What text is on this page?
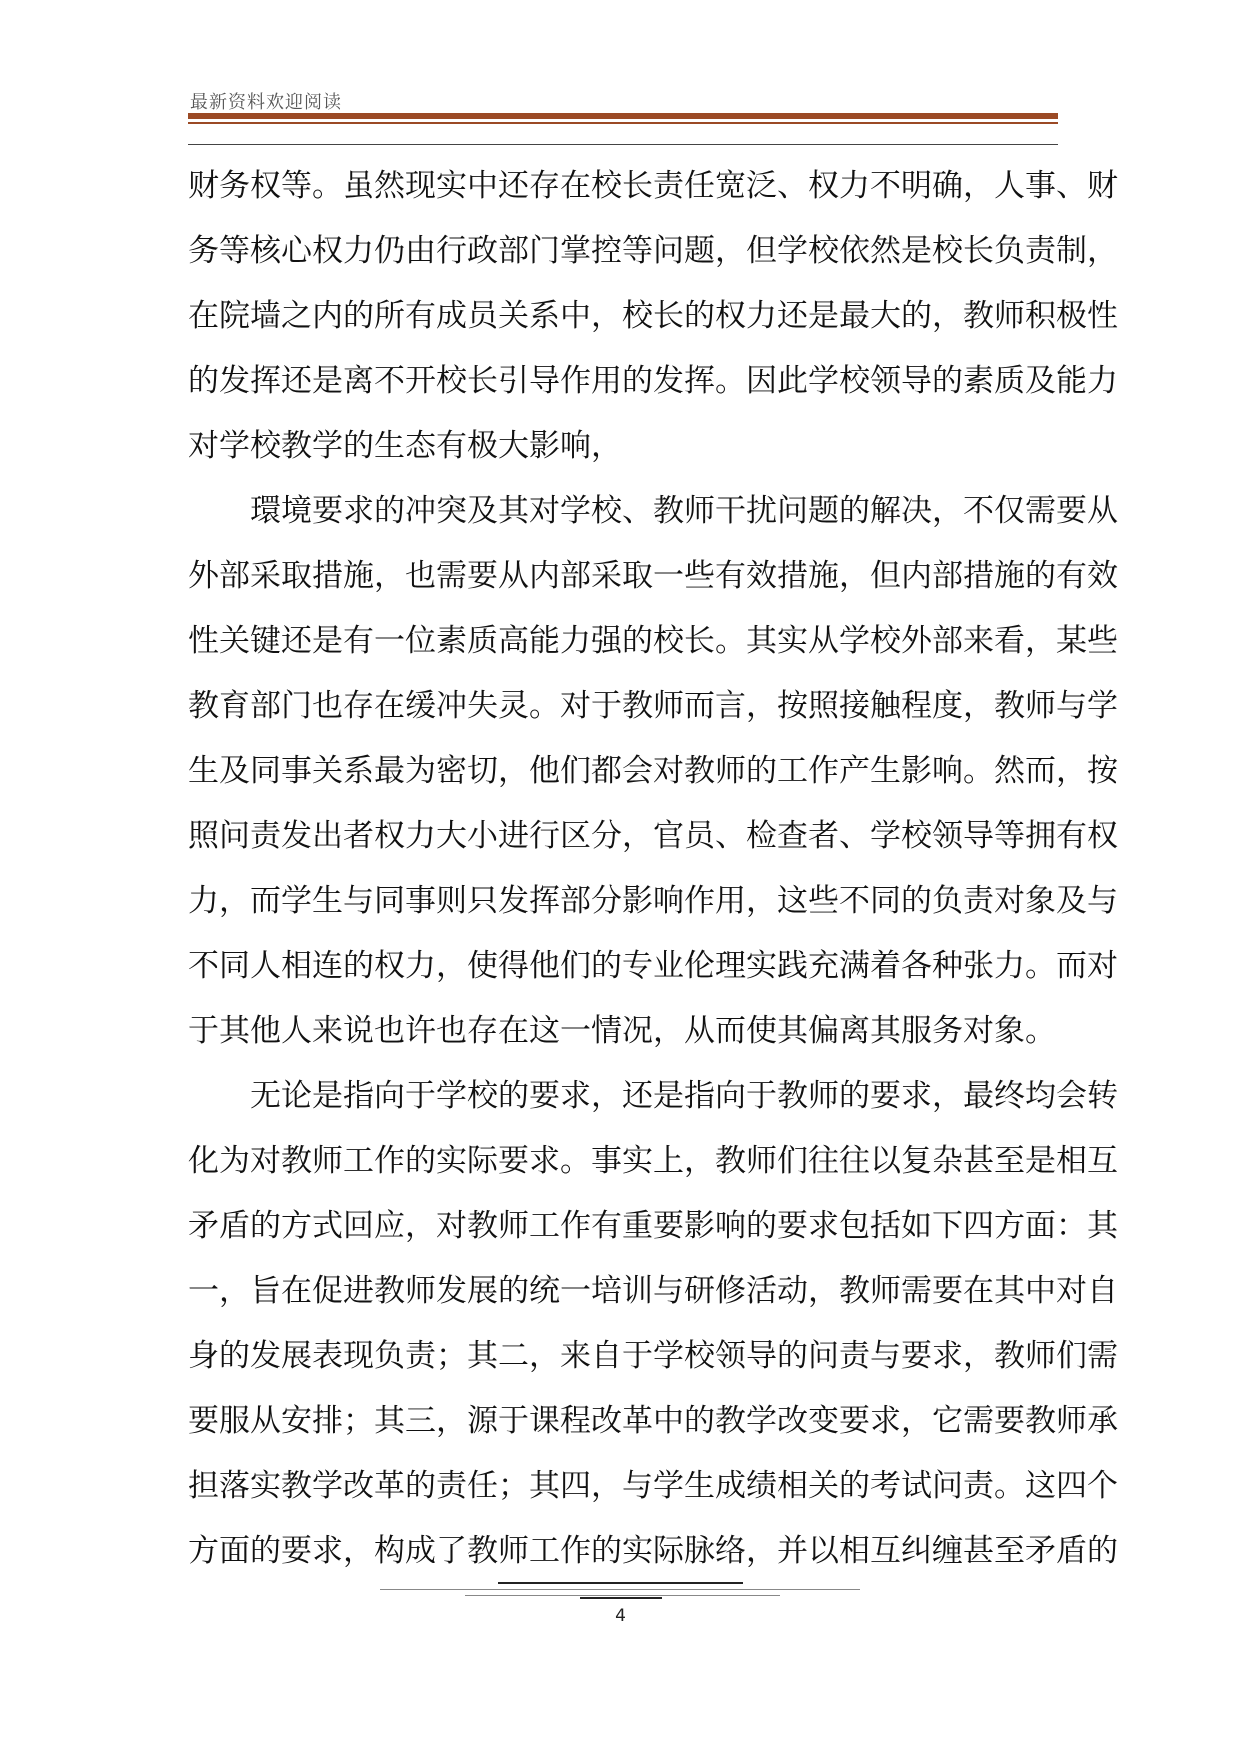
最新资料欢迎阅读

财务权等。虽然现实中还存在校长责任宽泛、权力不明确，人事、财
务等核心权力仍由行政部门掌控等问题，但学校依然是校长负责制，
在院墙之内的所有成员关系中，校长的权力还是最大的，教师积极性
的发挥还是离不开校长引导作用的发挥。因此学校领导的素质及能力
对学校教学的生态有极大影响，

環境要求的冲突及其对学校、教师干扰问题的解决，不仅需要从
外部采取措施，也需要从内部采取一些有效措施，但内部措施的有效
性关键还是有一位素质高能力强的校长。其实从学校外部来看，某些
教育部门也存在缓冲失灵。对于教师而言，按照接触程度，教师与学
生及同事关系最为密切，他们都会对教师的工作产生影响。然而，按
照问责发出者权力大小进行区分，官员、检查者、学校领导等拥有权
力，而学生与同事则只发挥部分影响作用，这些不同的负责对象及与
不同人相连的权力，使得他们的专业伦理实践充满着各种张力。而对
于其他人来说也许也存在这一情况，从而使其偏离其服务对象。

无论是指向于学校的要求，还是指向于教师的要求，最终均会转
化为对教师工作的实际要求。事实上，教师们往往以复杂甚至是相互
矛盾的方式回应，对教师工作有重要影响的要求包括如下四方面：其
一，旨在促进教师发展的统一培训与研修活动，教师需要在其中对自
身的发展表现负责；其二，来自于学校领导的问责与要求，教师们需
要服从安排；其三，源于课程改革中的教学改变要求，它需要教师承
担落实教学改革的责任；其四，与学生成绩相关的考试问责。这四个
方面的要求，构成了教师工作的实际脉络，并以相互纠缠甚至矛盾的

4
